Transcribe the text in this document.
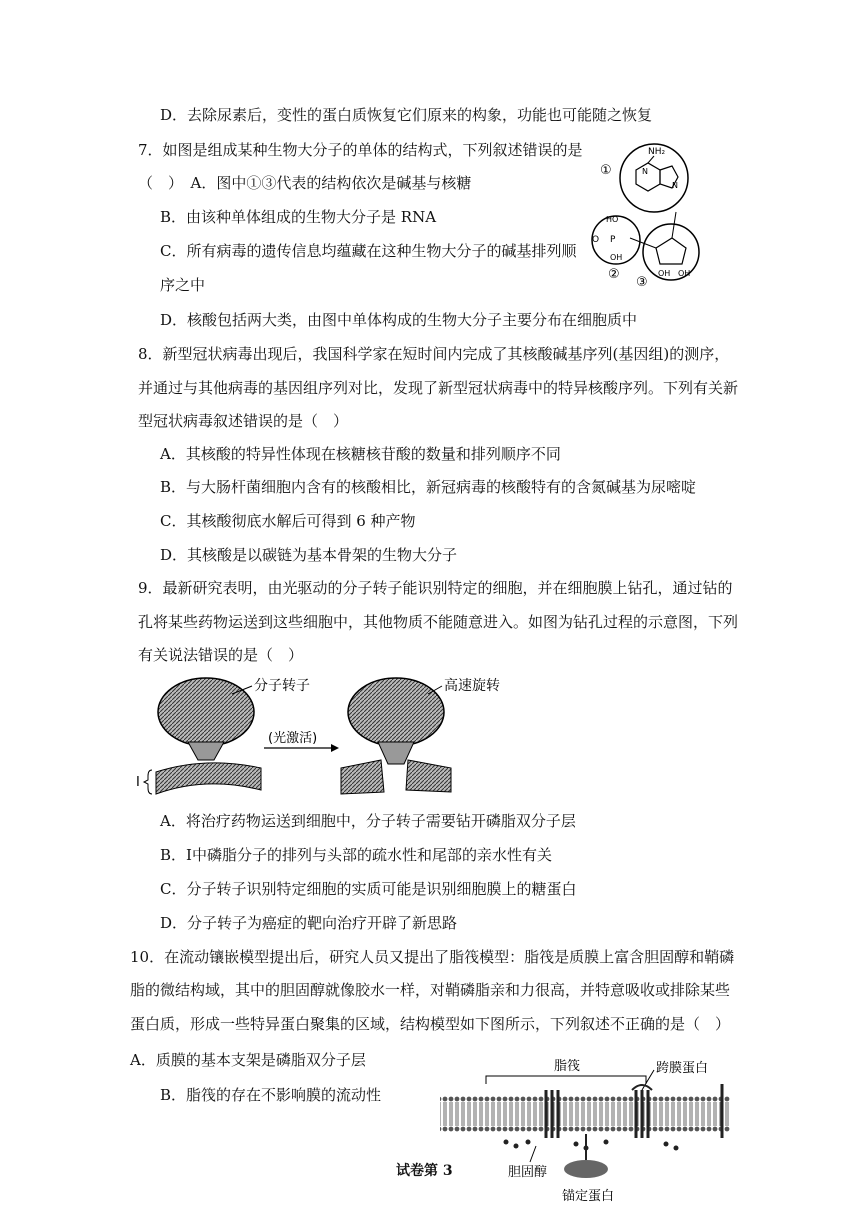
D．去除尿素后，变性的蛋白质恢复它们原来的构象，功能也可能随之恢复
7．如图是组成某种生物大分子的单体的结构式，下列叙述错误的是
（　）　A．图中①③代表的结构依次是碱基与核糖
B．由该种单体组成的生物大分子是 RNA
C．所有病毒的遗传信息均蕴藏在这种生物大分子的碱基排列顺
序之中
D．核酸包括两大类，由图中单体构成的生物大分子主要分布在细胞质中
NH₂
N
N
①
OH OH
③
HO
O P
OH
②
8．新型冠状病毒出现后，我国科学家在短时间内完成了其核酸碱基序列(基因组)的测序，
并通过与其他病毒的基因组序列对比，发现了新型冠状病毒中的特异核酸序列。下列有关新
型冠状病毒叙述错误的是（　）
A．其核酸的特异性体现在核糖核苷酸的数量和排列顺序不同
B．与大肠杆菌细胞内含有的核酸相比，新冠病毒的核酸特有的含氮碱基为尿嘧啶
C．其核酸彻底水解后可得到 6 种产物
D．其核酸是以碳链为基本骨架的生物大分子
9．最新研究表明，由光驱动的分子转子能识别特定的细胞，并在细胞膜上钻孔，通过钻的
孔将某些药物运送到这些细胞中，其他物质不能随意进入。如图为钻孔过程的示意图，下列
有关说法错误的是（　）
分子转子
(光激活)
高速旋转
I
A．将治疗药物运送到细胞中，分子转子需要钻开磷脂双分子层
B．I中磷脂分子的排列与头部的疏水性和尾部的亲水性有关
C．分子转子识别特定细胞的实质可能是识别细胞膜上的糖蛋白
D．分子转子为癌症的靶向治疗开辟了新思路
10．在流动镶嵌模型提出后，研究人员又提出了脂筏模型：脂筏是质膜上富含胆固醇和鞘磷
脂的微结构域，其中的胆固醇就像胶水一样，对鞘磷脂亲和力很高，并特意吸收或排除某些
蛋白质，形成一些特异蛋白聚集的区域，结构模型如下图所示，下列叙述不正确的是（　）
A．质膜的基本支架是磷脂双分子层
B．脂筏的存在不影响膜的流动性
脂筏	跨膜蛋白
胆固醇
锚定蛋白
试卷第 3
